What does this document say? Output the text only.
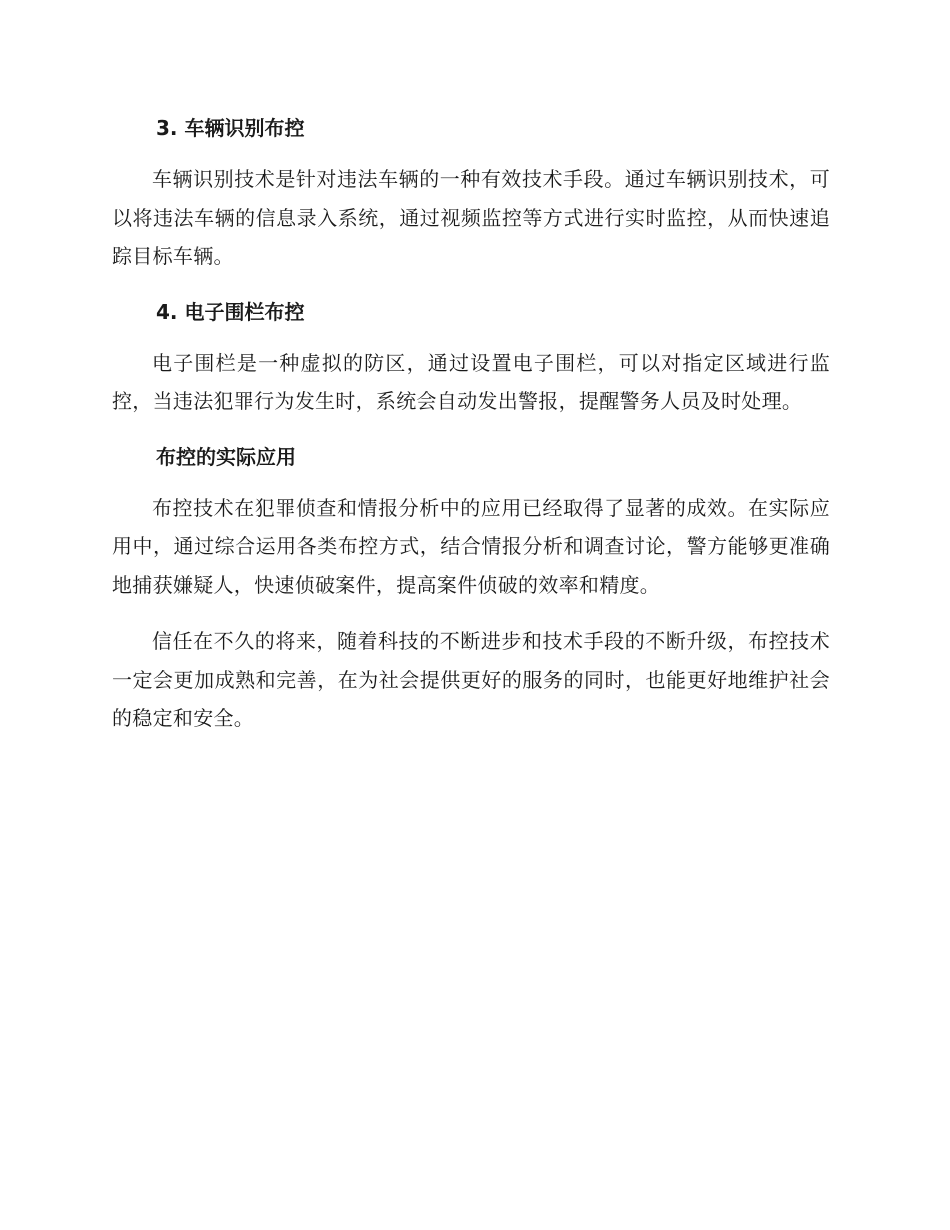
3. 车辆识别布控

车辆识别技术是针对违法车辆的一种有效技术手段。通过车辆识别技术，可以将违法车辆的信息录入系统，通过视频监控等方式进行实时监控，从而快速追踪目标车辆。

4. 电子围栏布控

电子围栏是一种虚拟的防区，通过设置电子围栏，可以对指定区域进行监控，当违法犯罪行为发生时，系统会自动发出警报，提醒警务人员及时处理。

布控的实际应用

布控技术在犯罪侦查和情报分析中的应用已经取得了显著的成效。在实际应用中，通过综合运用各类布控方式，结合情报分析和调查讨论，警方能够更准确地捕获嫌疑人，快速侦破案件，提高案件侦破的效率和精度。

信任在不久的将来，随着科技的不断进步和技术手段的不断升级，布控技术一定会更加成熟和完善，在为社会提供更好的服务的同时，也能更好地维护社会的稳定和安全。
